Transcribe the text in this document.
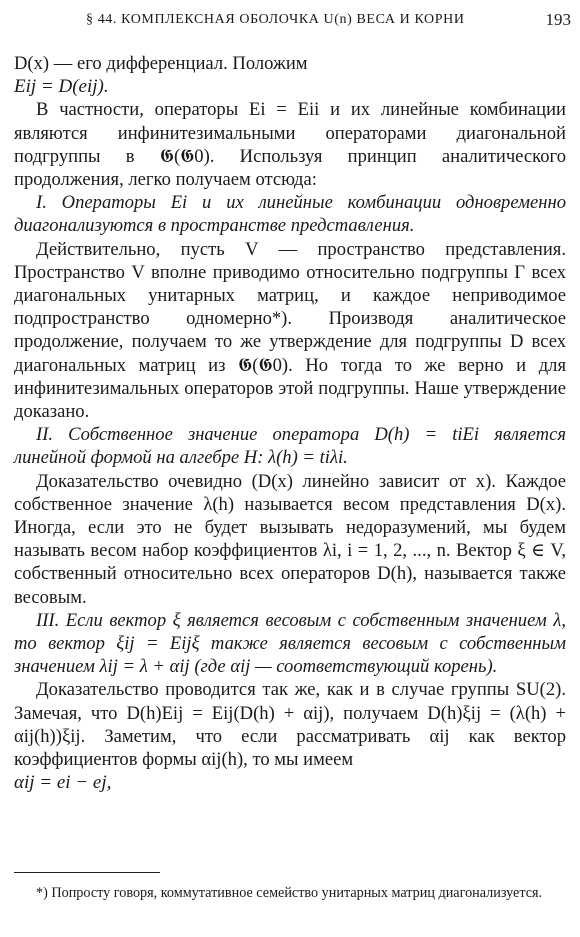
§ 44. КОМПЛЕКСНАЯ ОБОЛОЧКА U(n) ВЕСА И КОРНИ	193

D(x) — его дифференциал. Положим

Eij = D(eij).

В частности, операторы Ei = Eii и их линейные комбинации являются инфинитезимальными операторами диагональной подгруппы в 𝕲(𝕲0). Используя принцип аналитического продолжения, легко получаем отсюда:

I. Операторы Ei и их линейные комбинации одновременно диагонализуются в пространстве представления.

Действительно, пусть V — пространство представления. Пространство V вполне приводимо относительно подгруппы Г всех диагональных унитарных матриц, и каждое неприводимое подпространство одномерно*). Производя аналитическое продолжение, получаем то же утверждение для подгруппы D всех диагональных матриц из 𝕲(𝕲0). Но тогда то же верно и для инфинитезимальных операторов этой подгруппы. Наше утверждение доказано.

II. Собственное значение оператора D(h) = tiEi является линейной формой на алгебре H: λ(h) = tiλi.

Доказательство очевидно (D(x) линейно зависит от x). Каждое собственное значение λ(h) называется весом представления D(x). Иногда, если это не будет вызывать недоразумений, мы будем называть весом набор коэффициентов λi, i = 1, 2, ..., n. Вектор ξ ∈ V, собственный относительно всех операторов D(h), называется также весовым.

III. Если вектор ξ является весовым с собственным значением λ, то вектор ξij = Eijξ также является весовым с собственным значением λij = λ + αij (где αij — соответствующий корень).

Доказательство проводится так же, как и в случае группы SU(2). Замечая, что D(h)Eij = Eij(D(h) + αij), получаем D(h)ξij = (λ(h) + αij(h))ξij. Заметим, что если рассматривать αij как вектор коэффициентов формы αij(h), то мы имеем

αij = ei − ej,

*) Попросту говоря, коммутативное семейство унитарных матриц диагонализуется.
